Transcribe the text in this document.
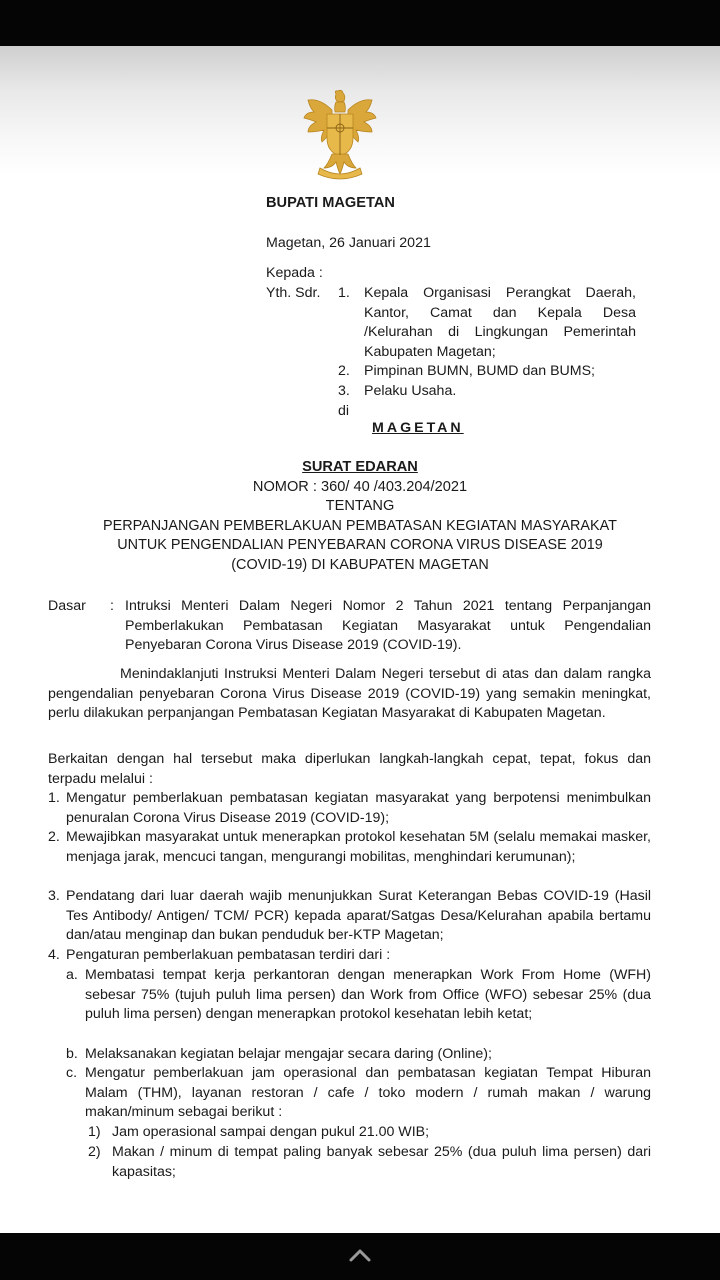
BUPATI MAGETAN
Magetan, 26 Januari 2021
Kepada :
Yth. Sdr. 1. Kepala Organisasi Perangkat Daerah, Kantor, Camat dan Kepala Desa /Kelurahan di Lingkungan Pemerintah Kabupaten Magetan;
2. Pimpinan BUMN, BUMD dan BUMS;
3. Pelaku Usaha.
di
MAGETAN
SURAT EDARAN
NOMOR : 360/ 40 /403.204/2021
TENTANG
PERPANJANGAN PEMBERLAKUAN PEMBATASAN KEGIATAN MASYARAKAT
UNTUK PENGENDALIAN PENYEBARAN CORONA VIRUS DISEASE 2019
(COVID-19) DI KABUPATEN MAGETAN
Dasar : Intruksi Menteri Dalam Negeri Nomor 2 Tahun 2021 tentang Perpanjangan Pemberlakukan Pembatasan Kegiatan Masyarakat untuk Pengendalian Penyebaran Corona Virus Disease 2019 (COVID-19).
Menindaklanjuti Instruksi Menteri Dalam Negeri tersebut di atas dan dalam rangka pengendalian penyebaran Corona Virus Disease 2019 (COVID-19) yang semakin meningkat, perlu dilakukan perpanjangan Pembatasan Kegiatan Masyarakat di Kabupaten Magetan.
Berkaitan dengan hal tersebut maka diperlukan langkah-langkah cepat, tepat, fokus dan terpadu melalui :
1. Mengatur pemberlakuan pembatasan kegiatan masyarakat yang berpotensi menimbulkan penuralan Corona Virus Disease 2019 (COVID-19);
2. Mewajibkan masyarakat untuk menerapkan protokol kesehatan 5M (selalu memakai masker, menjaga jarak, mencuci tangan, mengurangi mobilitas, menghindari kerumunan);
3. Pendatang dari luar daerah wajib menunjukkan Surat Keterangan Bebas COVID-19 (Hasil Tes Antibody/ Antigen/ TCM/ PCR) kepada aparat/Satgas Desa/Kelurahan apabila bertamu dan/atau menginap dan bukan penduduk ber-KTP Magetan;
4. Pengaturan pemberlakuan pembatasan terdiri dari :
a. Membatasi tempat kerja perkantoran dengan menerapkan Work From Home (WFH) sebesar 75% (tujuh puluh lima persen) dan Work from Office (WFO) sebesar 25% (dua puluh lima persen) dengan menerapkan protokol kesehatan lebih ketat;
b. Melaksanakan kegiatan belajar mengajar secara daring (Online);
c. Mengatur pemberlakuan jam operasional dan pembatasan kegiatan Tempat Hiburan Malam (THM), layanan restoran / cafe / toko modern / rumah makan / warung makan/minum sebagai berikut :
1) Jam operasional sampai dengan pukul 21.00 WIB;
2) Makan / minum di tempat paling banyak sebesar 25% (dua puluh lima persen) dari kapasitas;
